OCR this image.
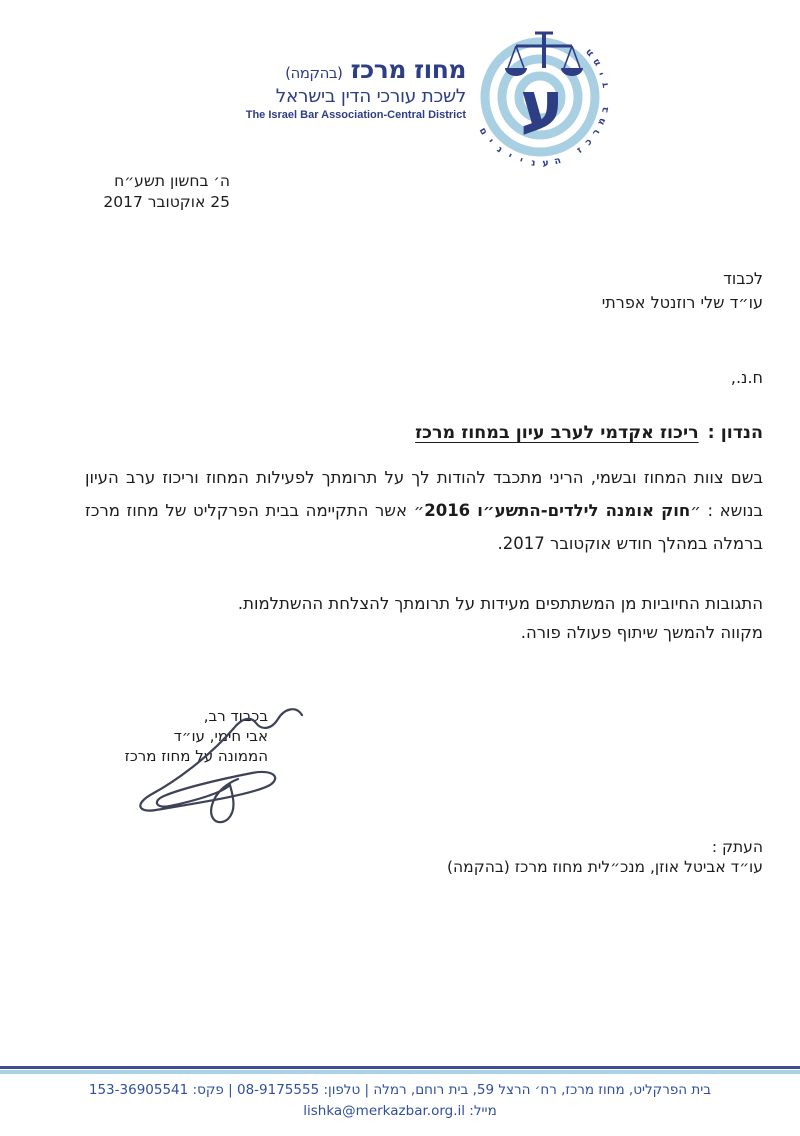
מחוז מרכז (בהקמה)
לשכת עורכי הדין בישראל
The Israel Bar Association-Central District ע
ת
מ
י
ד
ב
מ
ר
כ
ז
ה
ע
נ
י
י
נ
י
ם
ה׳ בחשון תשע״ח
25 אוקטובר 2017
לכבוד
עו״ד שלי רוזנטל אפרתי
ח.נ.,
הנדון :ריכוז אקדמי לערב עיון במחוז מרכז

בשם צוות המחוז ובשמי, הריני מתכבד להודות לך על תרומתך לפעילות המחוז וריכוז ערב העיון בנושא : ״חוק אומנה לילדים-התשע״ו 2016״ אשר התקיימה בבית הפרקליט של מחוז מרכז ברמלה במהלך חודש אוקטובר 2017.

התגובות החיוביות מן המשתתפים מעידות על תרומתך להצלחת ההשתלמות.
מקווה להמשך שיתוף פעולה פורה.
בכבוד רב,
אבי חימי, עו״ד
הממונה על מחוז מרכז
העתק :
עו״ד אביטל אוזן, מנכ״לית מחוז מרכז (בהקמה)
בית הפרקליט, מחוז מרכז, רח׳ הרצל 59, בית רוחם, רמלה | טלפון: 08-9175555 | פקס: 153-36905541
מייל: lishka@merkazbar.org.il
